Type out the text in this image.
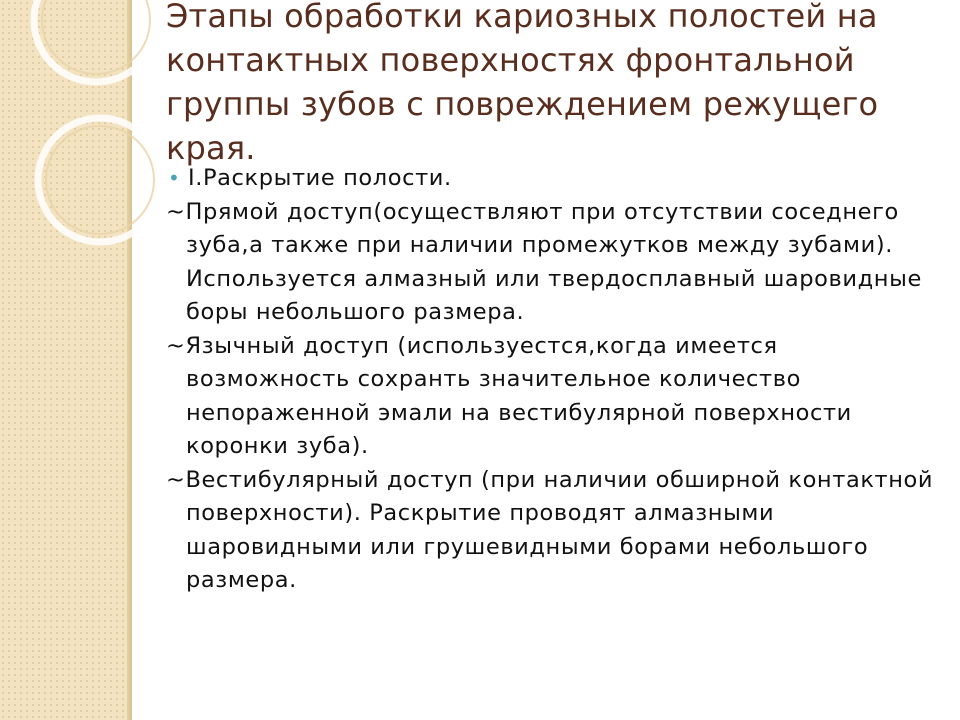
Этапы обработки кариозных полостей на контактных поверхностях фронтальной группы зубов с повреждением режущего края.
• I.Раскрытие полости.

~Прямой доступ(осуществляют при отсутствии соседнего зуба,а также при наличии промежутков между зубами). Используется алмазный или твердосплавный шаровидные боры небольшого размера.

~Язычный доступ (используестся,когда имеется возможность сохранть значительное количество непораженной эмали на вестибулярной поверхности коронки зуба).

~Вестибулярный доступ (при наличии обширной контактной поверхности). Раскрытие проводят алмазными шаровидными или грушевидными борами небольшого размера.
